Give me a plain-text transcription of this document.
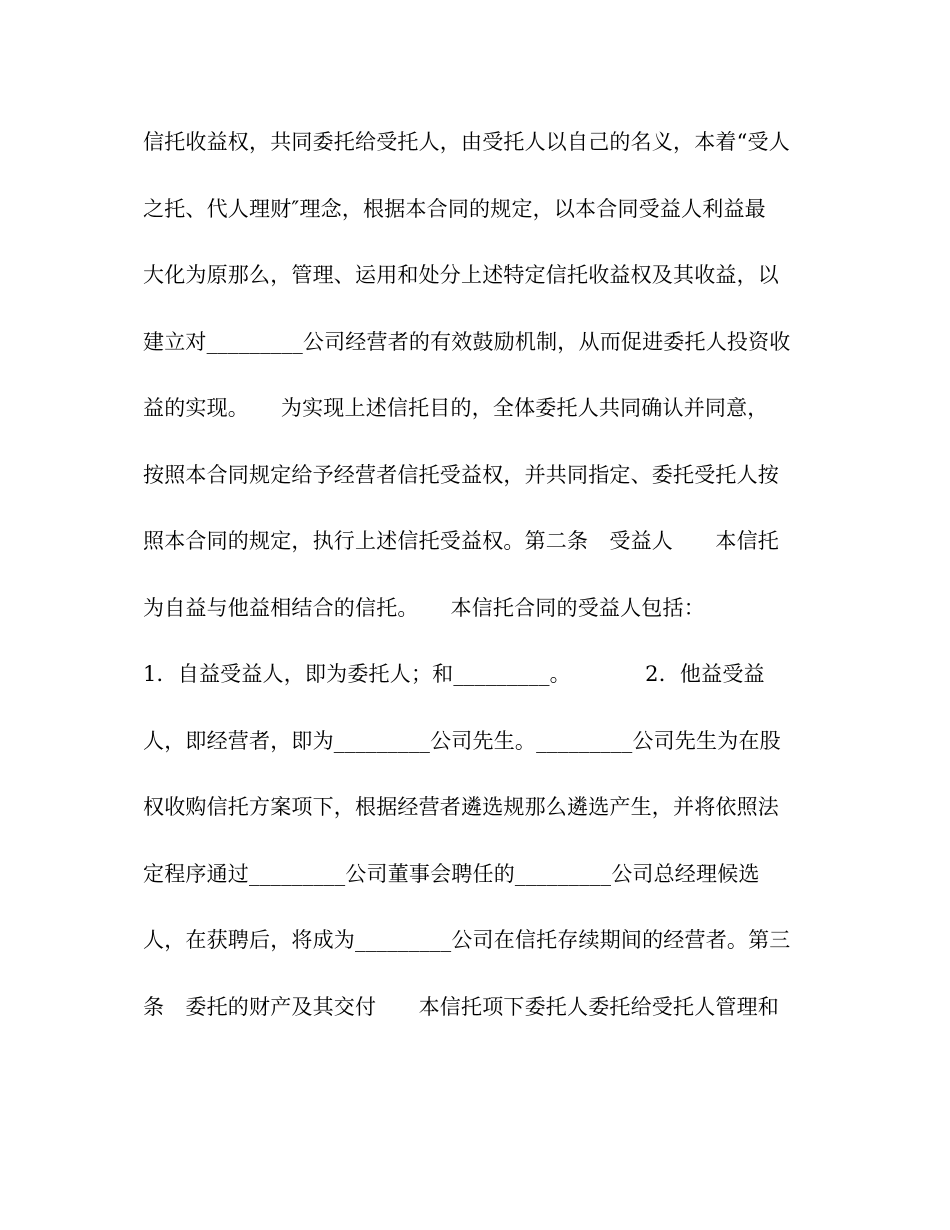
信托收益权，共同委托给受托人，由受托人以自己的名义，本着“受人
之托、代人理财″理念，根据本合同的规定，以本合同受益人利益最
大化为原那么，管理、运用和处分上述特定信托收益权及其收益，以
建立对_________公司经营者的有效鼓励机制，从而促进委托人投资收
益的实现。　　为实现上述信托目的，全体委托人共同确认并同意，
按照本合同规定给予经营者信托受益权，并共同指定、委托受托人按
照本合同的规定，执行上述信托受益权。第二条　受益人　　本信托
为自益与他益相结合的信托。　　本信托合同的受益人包括：
1．自益受益人，即为委托人；和_________。　　　　2．他益受益
人，即经营者，即为_________公司先生。_________公司先生为在股
权收购信托方案项下，根据经营者遴选规那么遴选产生，并将依照法
定程序通过_________公司董事会聘任的_________公司总经理候选
人，在获聘后，将成为_________公司在信托存续期间的经营者。第三
条　委托的财产及其交付　　本信托项下委托人委托给受托人管理和
